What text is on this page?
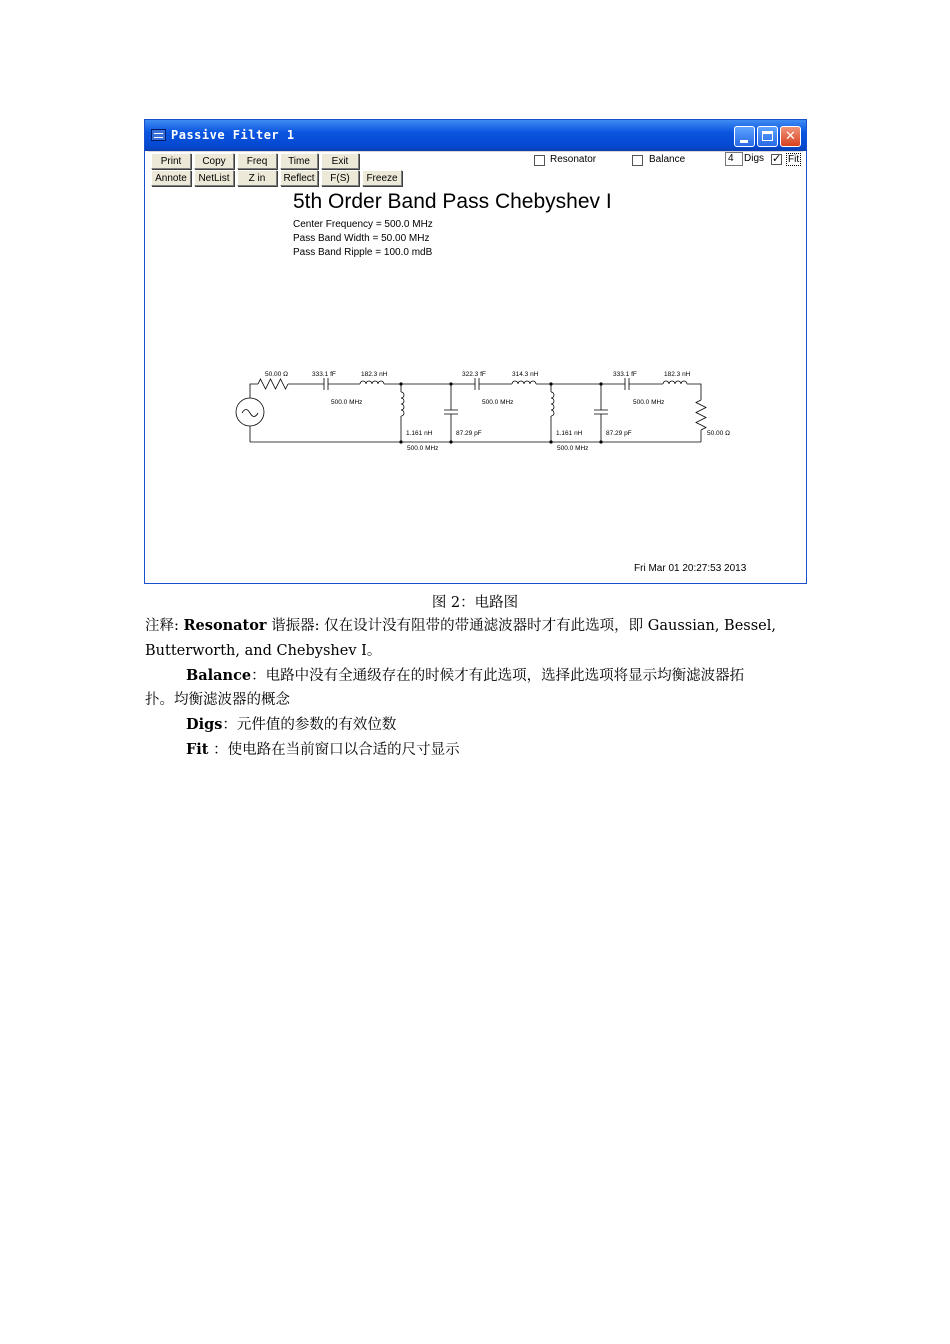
Passive Filter 1	✕
Print	Copy	Freq	Time	Exit
Annote	NetList	Z in	Reflect	F(S)	Freeze
Resonator	Balance	4	Digs
✓ Fit
5th Order Band Pass Chebyshev I
Center Frequency = 500.0 MHz
Pass Band Width = 50.00 MHz
Pass Band Ripple = 100.0 mdB
50.00 Ω	333.1 fF	182.3 nH
500.0 MHz
1.161 nH	87.29 pF
500.0 MHz
322.3 fF	314.3 nH
500.0 MHz
1.161 nH	87.29 pF
500.0 MHz
333.1 fF	182.3 nH
500.0 MHz
50.00 Ω
Fri Mar 01 20:27:53 2013
图 2：电路图
注释: Resonator 谐振器: 仅在设计没有阻带的带通滤波器时才有此选项，即 Gaussian, Bessel,
Butterworth, and Chebyshev I。
Balance：电路中没有全通级存在的时候才有此选项，选择此选项将显示均衡滤波器拓
扑。均衡滤波器的概念
Digs：元件值的参数的有效位数
Fit ：使电路在当前窗口以合适的尺寸显示
